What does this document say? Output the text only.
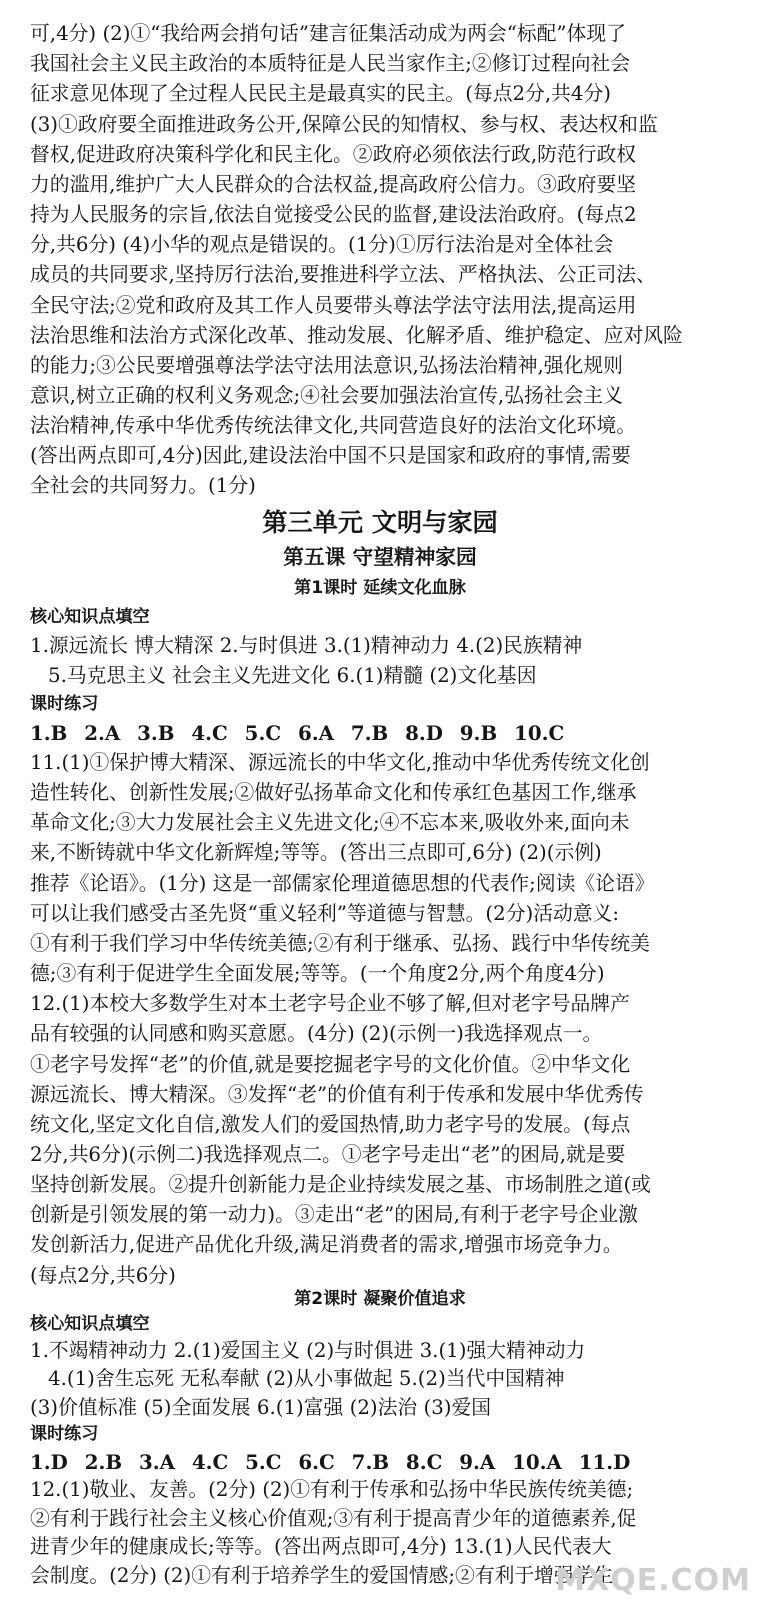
可,4分) (2)①“我给两会捎句话”建言征集活动成为两会“标配”体现了
我国社会主义民主政治的本质特征是人民当家作主;②修订过程向社会
征求意见体现了全过程人民民主是最真实的民主。(每点2分,共4分)
(3)①政府要全面推进政务公开,保障公民的知情权、参与权、表达权和监
督权,促进政府决策科学化和民主化。②政府必须依法行政,防范行政权
力的滥用,维护广大人民群众的合法权益,提高政府公信力。③政府要坚
持为人民服务的宗旨,依法自觉接受公民的监督,建设法治政府。(每点2
分,共6分) (4)小华的观点是错误的。(1分)①厉行法治是对全体社会
成员的共同要求,坚持厉行法治,要推进科学立法、严格执法、公正司法、
全民守法;②党和政府及其工作人员要带头尊法学法守法用法,提高运用
法治思维和法治方式深化改革、推动发展、化解矛盾、维护稳定、应对风险
的能力;③公民要增强尊法学法守法用法意识,弘扬法治精神,强化规则
意识,树立正确的权利义务观念;④社会要加强法治宣传,弘扬社会主义
法治精神,传承中华优秀传统法律文化,共同营造良好的法治文化环境。
(答出两点即可,4分)因此,建设法治中国不只是国家和政府的事情,需要
全社会的共同努力。(1分)
第三单元 文明与家园
第五课 守望精神家园
第1课时 延续文化血脉
核心知识点填空
1.源远流长 博大精深 2.与时俱进 3.(1)精神动力 4.(2)民族精神
5.马克思主义 社会主义先进文化 6.(1)精髓 (2)文化基因
课时练习
1.B 2.A 3.B 4.C 5.C 6.A 7.B 8.D 9.B 10.C
11.(1)①保护博大精深、源远流长的中华文化,推动中华优秀传统文化创
造性转化、创新性发展;②做好弘扬革命文化和传承红色基因工作,继承
革命文化;③大力发展社会主义先进文化;④不忘本来,吸收外来,面向未
来,不断铸就中华文化新辉煌;等等。(答出三点即可,6分) (2)(示例)
推荐《论语》。(1分) 这是一部儒家伦理道德思想的代表作;阅读《论语》
可以让我们感受古圣先贤“重义轻利”等道德与智慧。(2分)活动意义:
①有利于我们学习中华传统美德;②有利于继承、弘扬、践行中华传统美
德;③有利于促进学生全面发展;等等。(一个角度2分,两个角度4分)
12.(1)本校大多数学生对本土老字号企业不够了解,但对老字号品牌产
品有较强的认同感和购买意愿。(4分) (2)(示例一)我选择观点一。
①老字号发挥“老”的价值,就是要挖掘老字号的文化价值。②中华文化
源远流长、博大精深。③发挥“老”的价值有利于传承和发展中华优秀传
统文化,坚定文化自信,激发人们的爱国热情,助力老字号的发展。(每点
2分,共6分)(示例二)我选择观点二。①老字号走出“老”的困局,就是要
坚持创新发展。②提升创新能力是企业持续发展之基、市场制胜之道(或
创新是引领发展的第一动力)。③走出“老”的困局,有利于老字号企业激
发创新活力,促进产品优化升级,满足消费者的需求,增强市场竞争力。
(每点2分,共6分)
第2课时 凝聚价值追求
核心知识点填空
1.不竭精神动力 2.(1)爱国主义 (2)与时俱进 3.(1)强大精神动力
4.(1)舍生忘死 无私奉献 (2)从小事做起 5.(2)当代中国精神
(3)价值标准 (5)全面发展 6.(1)富强 (2)法治 (3)爱国
课时练习
1.D 2.B 3.A 4.C 5.C 6.C 7.B 8.C 9.A 10.A 11.D
12.(1)敬业、友善。(2分) (2)①有利于传承和弘扬中华民族传统美德;
②有利于践行社会主义核心价值观;③有利于提高青少年的道德素养,促
进青少年的健康成长;等等。(答出两点即可,4分) 13.(1)人民代表大
会制度。(2分) (2)①有利于培养学生的爱国情感;②有利于增强学生
MXQE.COM
